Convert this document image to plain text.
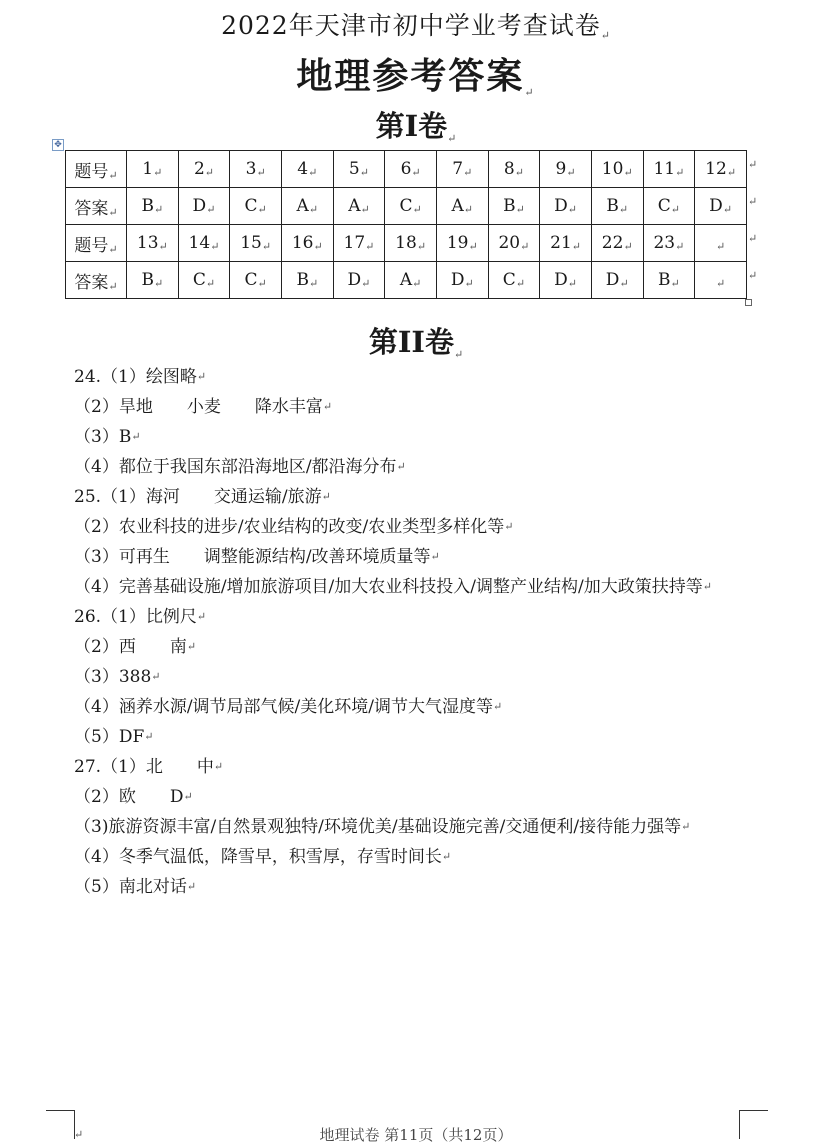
2022年天津市初中学业考查试卷↵
地理参考答案↵
第I卷↵
✥
题号↵	1↵	2↵	3↵	4↵	5↵	6↵	7↵	8↵	9↵	10↵	11↵	12↵
答案↵	B↵	D↵	C↵	A↵	A↵	C↵	A↵	B↵	D↵	B↵	C↵	D↵
题号↵	13↵	14↵	15↵	16↵	17↵	18↵	19↵	20↵	21↵	22↵	23↵	↵
答案↵	B↵	C↵	C↵	B↵	D↵	A↵	D↵	C↵	D↵	D↵	B↵	↵
↵
↵
↵
↵
第II卷↵
24.（1）绘图略↵
（2）旱地　　小麦　　降水丰富↵
（3）B↵
（4）都位于我国东部沿海地区/都沿海分布↵
25.（1）海河　　交通运输/旅游↵
（2）农业科技的进步/农业结构的改变/农业类型多样化等↵
（3）可再生　　调整能源结构/改善环境质量等↵
（4）完善基础设施/增加旅游项目/加大农业科技投入/调整产业结构/加大政策扶持等↵
26.（1）比例尺↵
（2）西　　南↵
（3）388↵
（4）涵养水源/调节局部气候/美化环境/调节大气湿度等↵
（5）DF↵
27.（1）北　　中↵
（2）欧　　D↵
（3)旅游资源丰富/自然景观独特/环境优美/基础设施完善/交通便利/接待能力强等↵
（4）冬季气温低，降雪早，积雪厚，存雪时间长↵
（5）南北对话↵
↵	地理试卷 第11页（共12页）
